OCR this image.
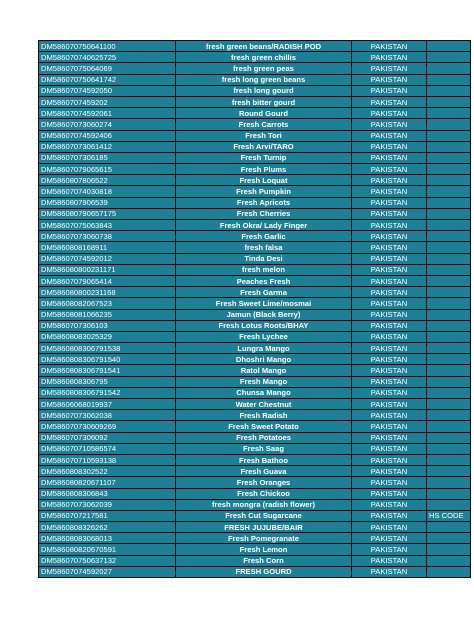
DM586070750641100	fresh green beans/RADISH POD	PAKISTAN	
DM586070740625725	fresh green chillis	PAKISTAN	
DM58607075064069	fresh green peas	PAKISTAN	
DM586070750641742	fresh long green beans	PAKISTAN	
DM58607074592050	fresh long gourd	PAKISTAN	
DM5860707459202	fresh bitter gourd	PAKISTAN	
DM58607074592061	Round Gourd	PAKISTAN	
DM58607073060274	Fresh Carrots	PAKISTAN	
DM58607074592406	Fresh Tori	PAKISTAN	
DM58607073061412	Fresh Arvi/TARO	PAKISTAN	
DM5860707306185	Fresh Turnip	PAKISTAN	
DM58607079065615	Fresh Plums	PAKISTAN	
DM5860807806522	Fresh Loquat	PAKISTAN	
DM58607074030818	Fresh Pumpkin	PAKISTAN	
DM5860807906539	Fresh Apricots	PAKISTAN	
DM586080790657175	Fresh Cherries	PAKISTAN	
DM58607075063843	Fresh Okra/ Lady Finger	PAKISTAN	
DM58607073060738	Fresh Garlic	PAKISTAN	
DM5860808168911	fresh falsa	PAKISTAN	
DM58607074592012	Tinda Desi	PAKISTAN	
DM586080800231171	fresh melon	PAKISTAN	
DM58607079065414	Peaches Fresh	PAKISTAN	
DM586080800231168	Fresh Garma	PAKISTAN	
DM58608082067523	Fresh Sweet Lime/mosmai	PAKISTAN	
DM58608081066235	Jamun (Black Berry)	PAKISTAN	
DM5860707306103	Fresh Lotus Roots/BHAY	PAKISTAN	
DM58608083025329	Fresh Lychee	PAKISTAN	
DM5860808306791538	Lungra Mango	PAKISTAN	
DM5860808306791540	Dhoshri Mango	PAKISTAN	
DM5860808306791541	Ratol Mango	PAKISTAN	
DM5860808306795	Fresh Mango	PAKISTAN	
DM5860808306791542	Chunsa Mango	PAKISTAN	
DM58606068019937	Water Chestnut	PAKISTAN	
DM58607073062038	Fresh Radish	PAKISTAN	
DM586070730609269	Fresh Sweet Potato	PAKISTAN	
DM5860707306092	Fresh Potatoes	PAKISTAN	
DM586070710586574	Fresh Saag	PAKISTAN	
DM586070710593138	Fresh Bathoo	PAKISTAN	
DM5860808302522	Fresh Guava	PAKISTAN	
DM586080820671107	Fresh Oranges	PAKISTAN	
DM5860808306843	Fresh Chickoo	PAKISTAN	
DM58607073062039	fresh mongra (radish flower)	PAKISTAN	
DM5860707217581	Fresh Cut Sugarcane	PAKISTAN	HS CODE
DM5860808326262	FRESH JUJUBE/BAIR	PAKISTAN	
DM58608083068013	Fresh Pomegranate	PAKISTAN	
DM586080820670591	Fresh Lemon	PAKISTAN	
DM586070750637132	Fresh Corn	PAKISTAN	
DM58607074592027	FRESH GOURD	PAKISTAN	
